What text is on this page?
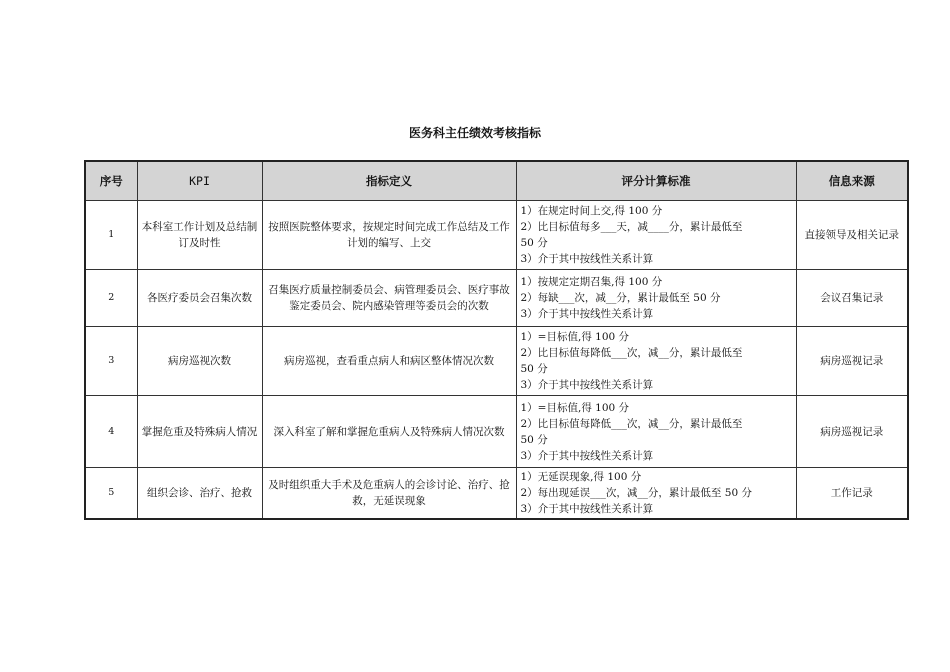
医务科主任绩效考核指标
序号	KPI	指标定义	评分计算标准	信息来源
1	本科室工作计划及总结制订及时性	按照医院整体要求，按规定时间完成工作总结及工作计划的编写、上交	1）在规定时间上交,得 100 分
2）比目标值每多___天，减____分，累计最低至
50 分
3）介于其中按线性关系计算	直接领导及相关记录
2	各医疗委员会召集次数	召集医疗质量控制委员会、病管理委员会、医疗事故鉴定委员会、院内感染管理等委员会的次数	1）按规定定期召集,得 100 分
2）每缺___次，减__分，累计最低至 50 分
3）介于其中按线性关系计算	会议召集记录
3	病房巡视次数	病房巡视，查看重点病人和病区整体情况次数	1）=目标值,得 100 分
2）比目标值每降低___次，减__分，累计最低至
50 分
3）介于其中按线性关系计算	病房巡视记录
4	掌握危重及特殊病人情况	深入科室了解和掌握危重病人及特殊病人情况次数	1）=目标值,得 100 分
2）比目标值每降低___次，减__分，累计最低至
50 分
3）介于其中按线性关系计算	病房巡视记录
5	组织会诊、治疗、抢救	及时组织重大手术及危重病人的会诊讨论、治疗、抢救，无延误现象	1）无延误现象,得 100 分
2）每出现延误___次，减__分，累计最低至 50 分
3）介于其中按线性关系计算	工作记录
